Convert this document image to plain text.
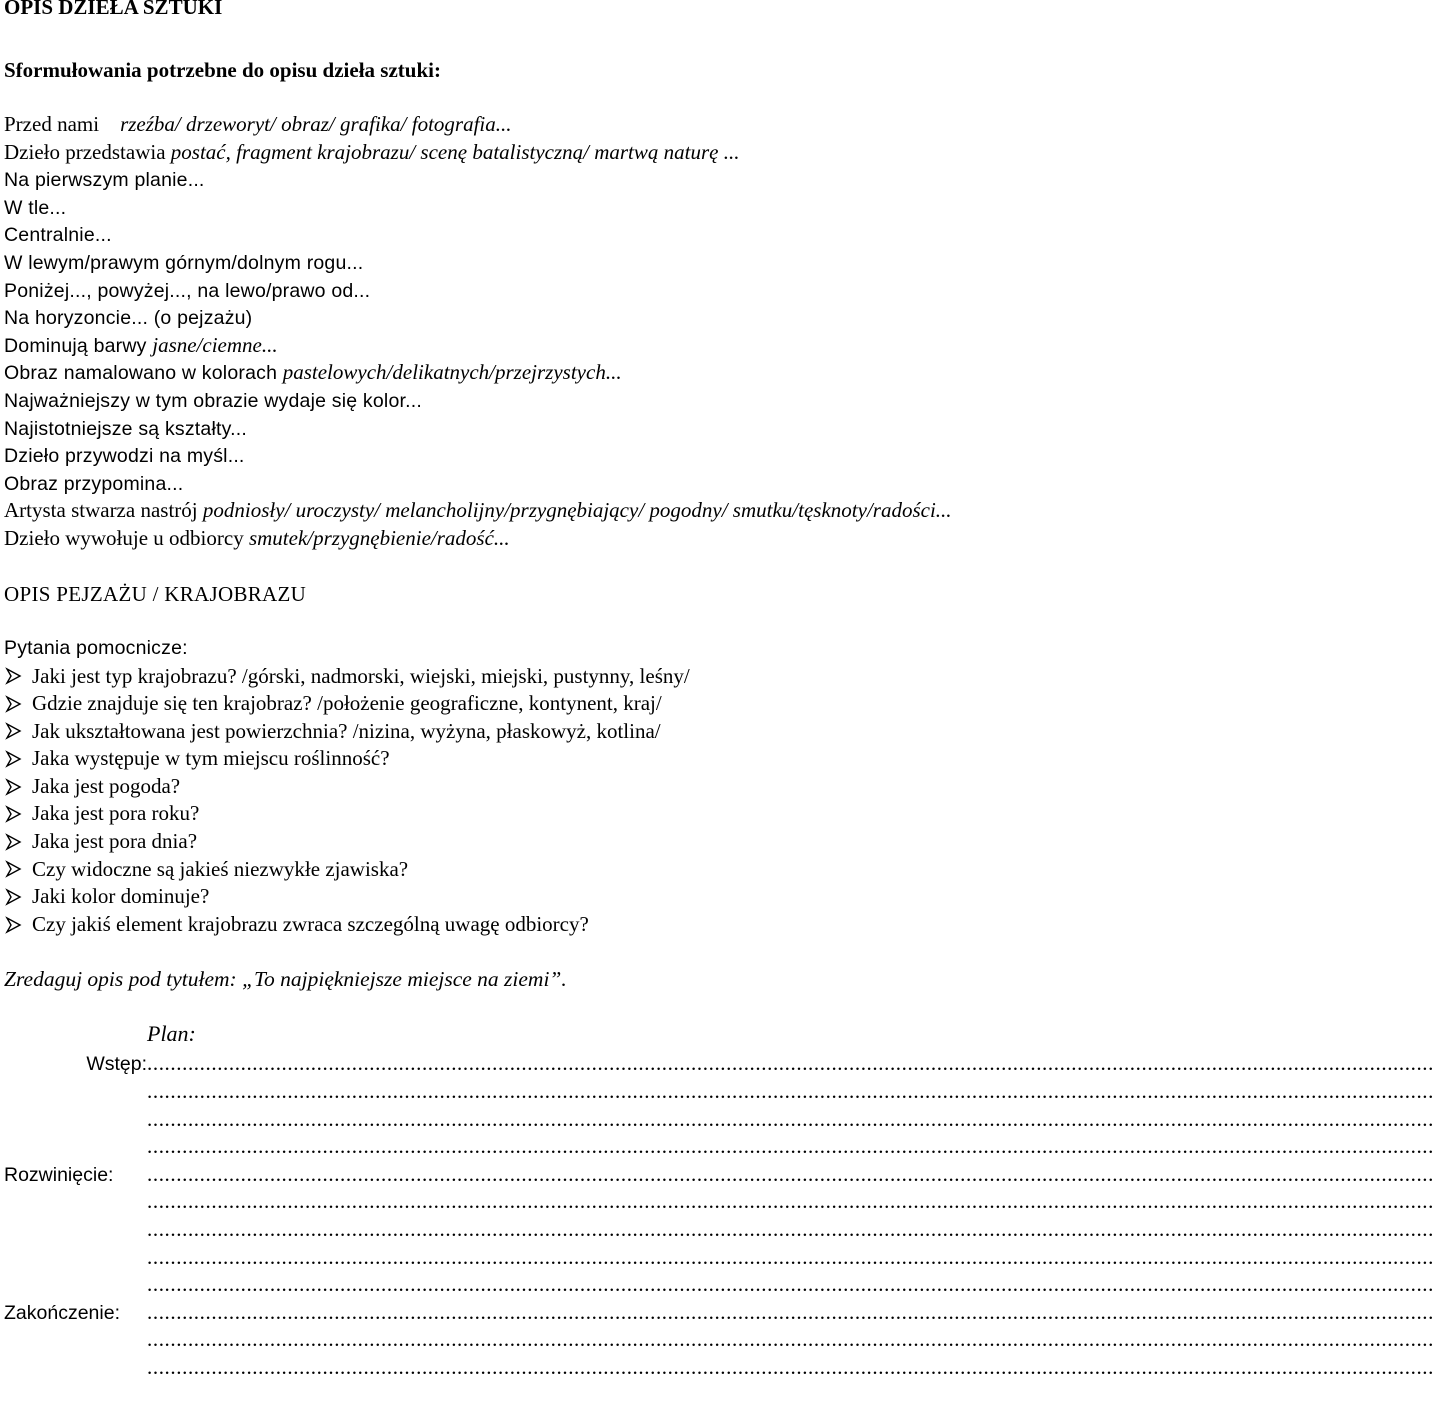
OPIS DZIEŁA SZTUKI
Sformułowania potrzebne do opisu dzieła sztuki:
Przed nami    rzeźba/ drzeworyt/ obraz/ grafika/ fotografia...
Dzieło przedstawia postać, fragment krajobrazu/ scenę batalistyczną/ martwą naturę ...
Na pierwszym planie...
W tle...
Centralnie...
W lewym/prawym górnym/dolnym rogu...
Poniżej..., powyżej..., na lewo/prawo od...
Na horyzoncie... (o pejzażu)
Dominują barwy jasne/ciemne...
Obraz namalowano w kolorach pastelowych/delikatnych/przejrzystych...
Najważniejszy w tym obrazie wydaje się kolor...
Najistotniejsze są kształty...
Dzieło przywodzi na myśl...
Obraz przypomina...
Artysta stwarza nastrój podniosły/ uroczysty/ melancholijny/przygnębiający/ pogodny/ smutku/tęsknoty/radości...
Dzieło wywołuje u odbiorcy smutek/przygnębienie/radość...
OPIS PEJZAŻU / KRAJOBRAZU
Pytania pomocnicze:
Jaki jest typ krajobrazu? /górski, nadmorski, wiejski, miejski, pustynny, leśny/
Gdzie znajduje się ten krajobraz? /położenie geograficzne, kontynent, kraj/
Jak ukształtowana jest powierzchnia? /nizina, wyżyna, płaskowyż, kotlina/
Jaka występuje w tym miejscu roślinność?
Jaka jest pogoda?
Jaka jest pora roku?
Jaka jest pora dnia?
Czy widoczne są jakieś niezwykłe zjawiska?
Jaki kolor dominuje?
Czy jakiś element krajobrazu zwraca szczególną uwagę odbiorcy?
Zredaguj opis pod tytułem: „To najpiękniejsze miejsce na ziemi”.
Plan:
Wstęp: ............................................................................................................................................................................................................................
............................................................................................................................................................................................................................
............................................................................................................................................................................................................................
............................................................................................................................................................................................................................
Rozwinięcie:	............................................................................................................................................................................................................................
............................................................................................................................................................................................................................
............................................................................................................................................................................................................................
............................................................................................................................................................................................................................
............................................................................................................................................................................................................................
Zakończenie:	............................................................................................................................................................................................................................
............................................................................................................................................................................................................................
............................................................................................................................................................................................................................
